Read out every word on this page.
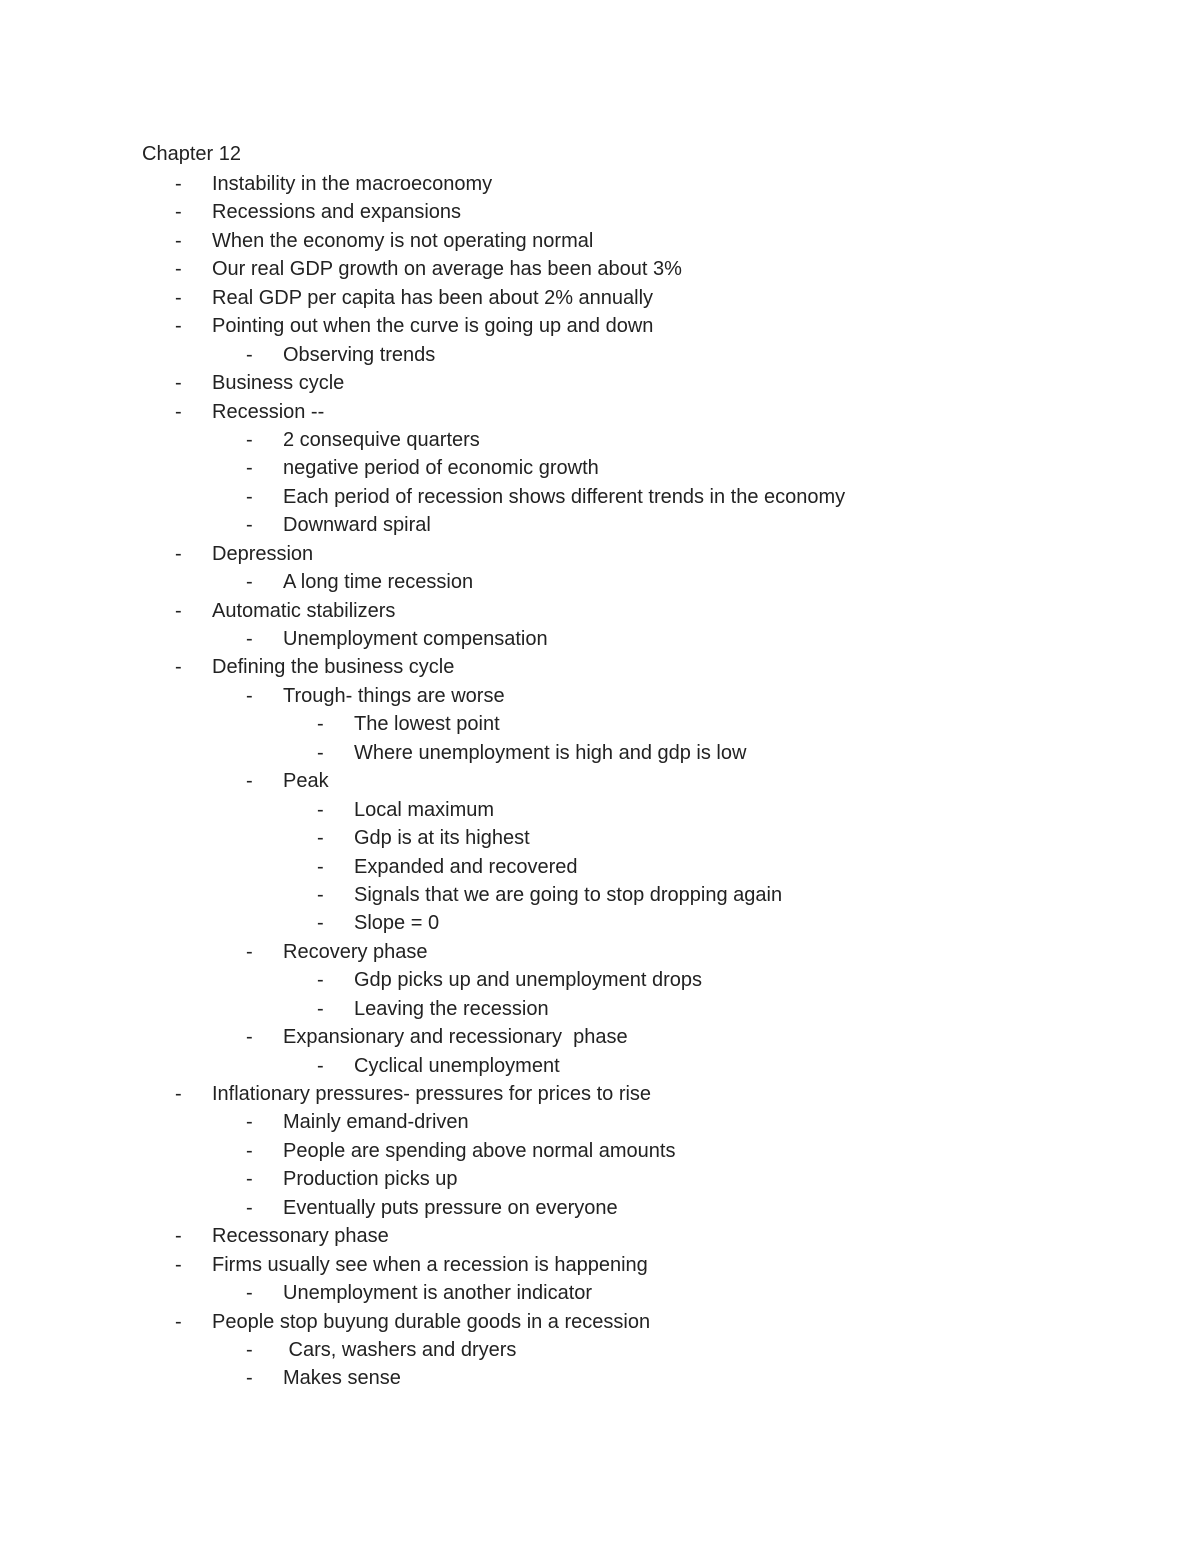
Chapter 12
- Instability in the macroeconomy
- Recessions and expansions
- When the economy is not operating normal
- Our real GDP growth on average has been about 3%
- Real GDP per capita has been about 2% annually
- Pointing out when the curve is going up and down
- Observing trends
- Business cycle
- Recession --
- 2 consequive quarters
- negative period of economic growth
- Each period of recession shows different trends in the economy
- Downward spiral
- Depression
- A long time recession
- Automatic stabilizers
- Unemployment compensation
- Defining the business cycle
- Trough- things are worse
- The lowest point
- Where unemployment is high and gdp is low
- Peak
- Local maximum
- Gdp is at its highest
- Expanded and recovered
- Signals that we are going to stop dropping again
- Slope = 0
- Recovery phase
- Gdp picks up and unemployment drops
- Leaving the recession
- Expansionary and recessionary  phase
- Cyclical unemployment
- Inflationary pressures- pressures for prices to rise
- Mainly emand-driven
- People are spending above normal amounts
- Production picks up
- Eventually puts pressure on everyone
- Recessonary phase
- Firms usually see when a recession is happening
- Unemployment is another indicator
- People stop buyung durable goods in a recession
- Cars, washers and dryers
- Makes sense
